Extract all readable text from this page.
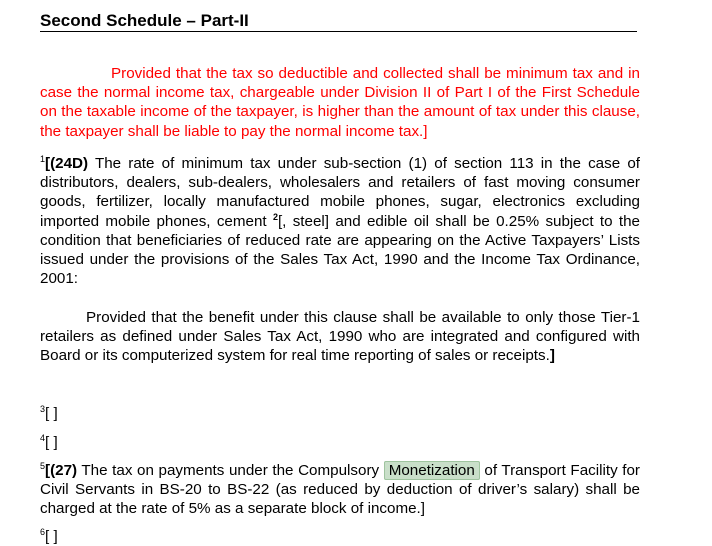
Second Schedule – Part-II

Provided that the tax so deductible and collected shall be minimum tax and in case the normal income tax, chargeable under Division II of Part I of the First Schedule on the taxable income of the taxpayer, is higher than the amount of tax under this clause, the taxpayer shall be liable to pay the normal income tax.]

$^1$[(24D) The rate of minimum tax under sub-section (1) of section 113 in the case of distributors, dealers, sub-dealers, wholesalers and retailers of fast moving consumer goods, fertilizer, locally manufactured mobile phones, sugar, electronics excluding imported mobile phones, cement $^2$[, steel] and edible oil shall be 0.25% subject to the condition that beneficiaries of reduced rate are appearing on the Active Taxpayers’ Lists issued under the provisions of the Sales Tax Act, 1990 and the Income Tax Ordinance, 2001:

Provided that the benefit under this clause shall be available to only those Tier-1 retailers as defined under Sales Tax Act, 1990 who are integrated and configured with Board or its computerized system for real time reporting of sales or receipts.]

$^3$[ ]
$^4$[ ]

$^5$[(27) The tax on payments under the Compulsory Monetization of Transport Facility for Civil Servants in BS-20 to BS-22 (as reduced by deduction of driver’s salary) shall be charged at the rate of 5% as a separate block of income.]

$^6$[ ]
